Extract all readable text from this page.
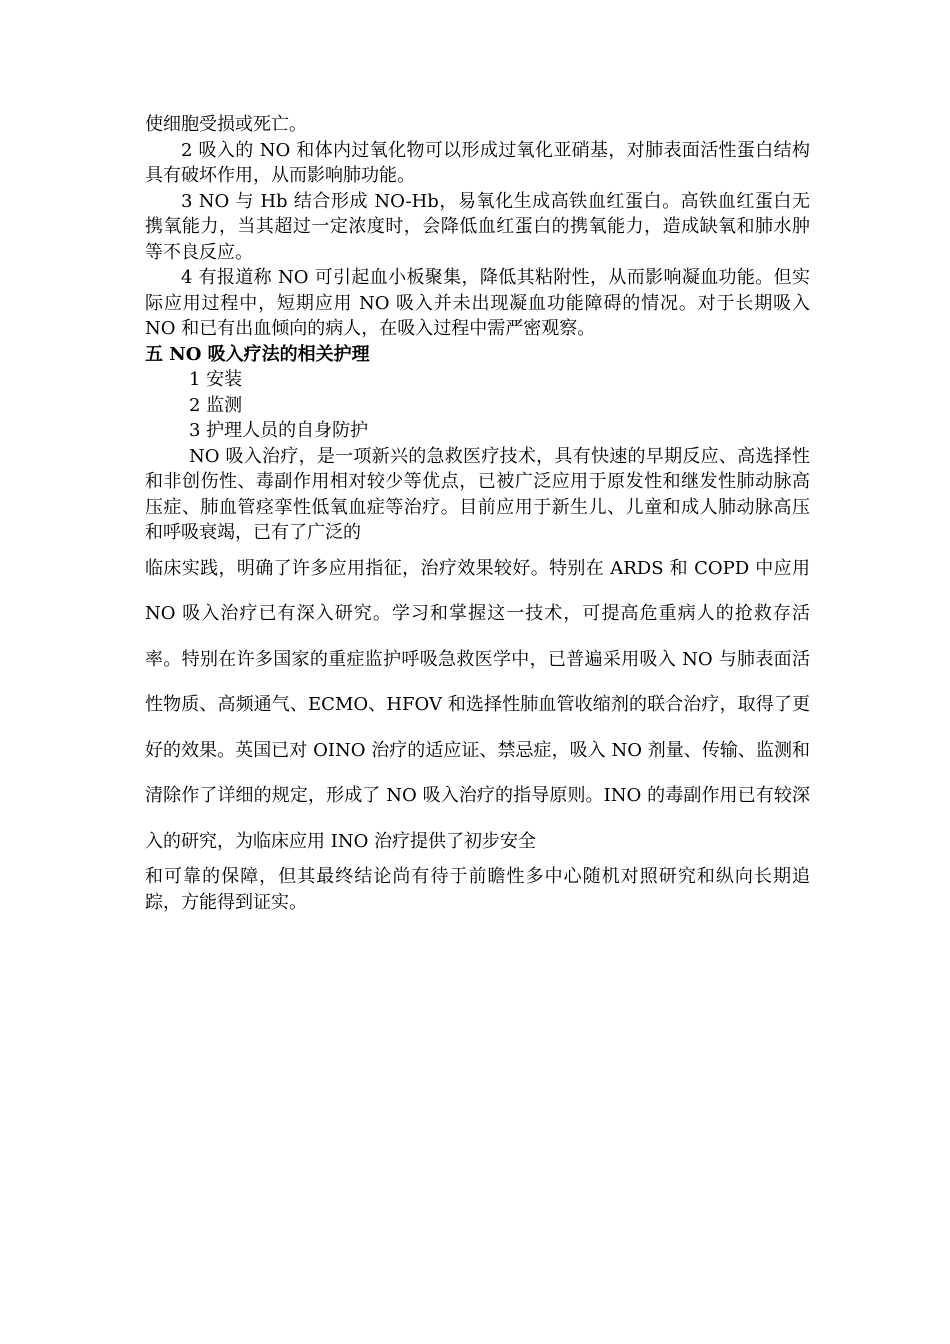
使细胞受损或死亡。

2 吸入的 NO 和体内过氧化物可以形成过氧化亚硝基，对肺表面活性蛋白结构具有破坏作用，从而影响肺功能。

3 NO 与 Hb 结合形成 NO-Hb，易氧化生成高铁血红蛋白。高铁血红蛋白无携氧能力，当其超过一定浓度时，会降低血红蛋白的携氧能力，造成缺氧和肺水肿等不良反应。

4 有报道称 NO 可引起血小板聚集，降低其粘附性，从而影响凝血功能。但实际应用过程中，短期应用 NO 吸入并未出现凝血功能障碍的情况。对于长期吸入 NO 和已有出血倾向的病人，在吸入过程中需严密观察。

五 NO 吸入疗法的相关护理

1 安装

2 监测

3 护理人员的自身防护

NO 吸入治疗，是一项新兴的急救医疗技术，具有快速的早期反应、高选择性和非创伤性、毒副作用相对较少等优点，已被广泛应用于原发性和继发性肺动脉高压症、肺血管痉挛性低氧血症等治疗。目前应用于新生儿、儿童和成人肺动脉高压和呼吸衰竭，已有了广泛的

临床实践，明确了许多应用指征，治疗效果较好。特别在 ARDS 和 COPD 中应用 NO 吸入治疗已有深入研究。学习和掌握这一技术，可提高危重病人的抢救存活率。特别在许多国家的重症监护呼吸急救医学中，已普遍采用吸入 NO 与肺表面活性物质、高频通气、ECMO、HFOV 和选择性肺血管收缩剂的联合治疗，取得了更好的效果。英国已对 OINO 治疗的适应证、禁忌症，吸入 NO 剂量、传输、监测和清除作了详细的规定，形成了 NO 吸入治疗的指导原则。INO 的毒副作用已有较深入的研究，为临床应用 INO 治疗提供了初步安全

和可靠的保障，但其最终结论尚有待于前瞻性多中心随机对照研究和纵向长期追踪，方能得到证实。
